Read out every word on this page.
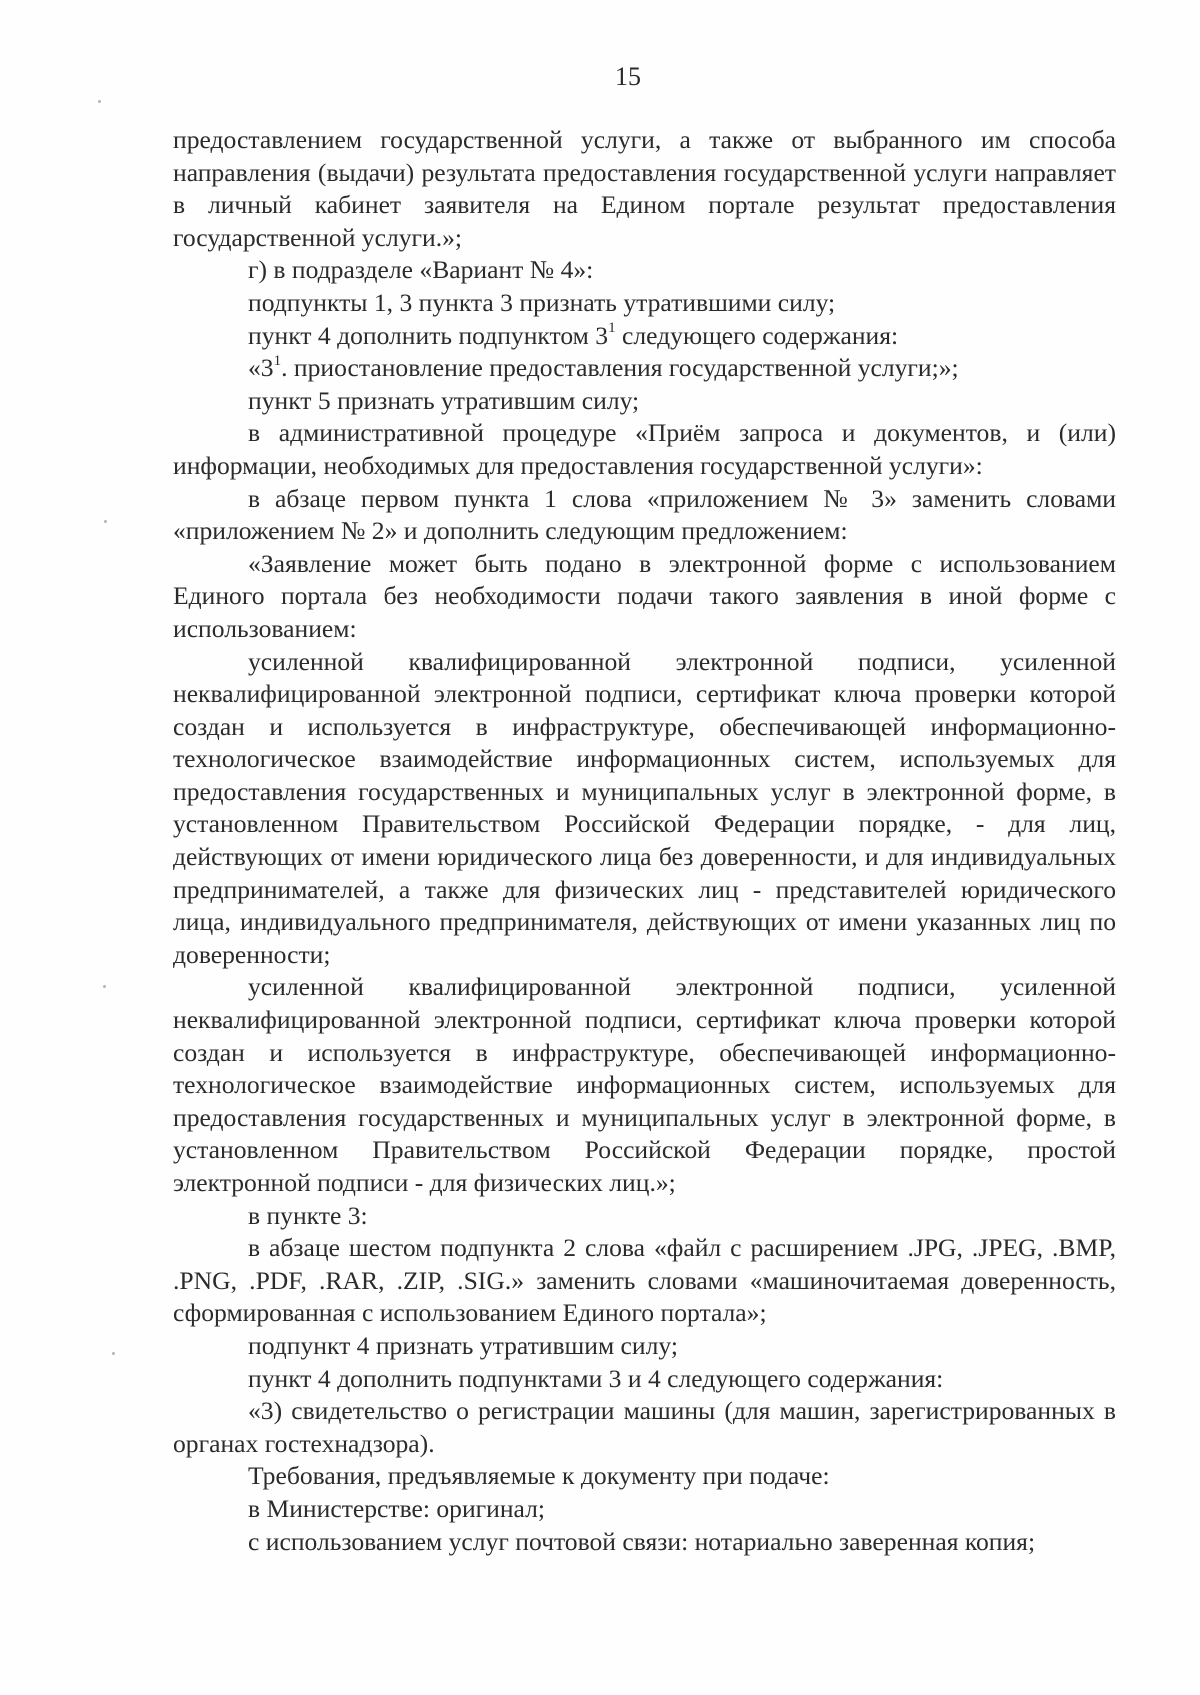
15

предоставлением государственной услуги, а также от выбранного им способа направления (выдачи) результата предоставления государственной услуги направляет в личный кабинет заявителя на Едином портале результат предоставления государственной услуги.»;

г) в подразделе «Вариант № 4»:

подпункты 1, 3 пункта 3 признать утратившими силу;

пункт 4 дополнить подпунктом $3^1$ следующего содержания:

«$3^1$. приостановление предоставления государственной услуги;»;

пункт 5 признать утратившим силу;

в административной процедуре «Приём запроса и документов, и (или) информации, необходимых для предоставления государственной услуги»:

в абзаце первом пункта 1 слова «приложением № 3» заменить словами «приложением № 2» и дополнить следующим предложением:

«Заявление может быть подано в электронной форме с использованием Единого портала без необходимости подачи такого заявления в иной форме с использованием:

усиленной квалифицированной электронной подписи, усиленной неквалифицированной электронной подписи, сертификат ключа проверки которой создан и используется в инфраструктуре, обеспечивающей информационно-технологическое взаимодействие информационных систем, используемых для предоставления государственных и муниципальных услуг в электронной форме, в установленном Правительством Российской Федерации порядке, - для лиц, действующих от имени юридического лица без доверенности, и для индивидуальных предпринимателей, а также для физических лиц - представителей юридического лица, индивидуального предпринимателя, действующих от имени указанных лиц по доверенности;

усиленной квалифицированной электронной подписи, усиленной неквалифицированной электронной подписи, сертификат ключа проверки которой создан и используется в инфраструктуре, обеспечивающей информационно-технологическое взаимодействие информационных систем, используемых для предоставления государственных и муниципальных услуг в электронной форме, в установленном Правительством Российской Федерации порядке, простой электронной подписи - для физических лиц.»;

в пункте 3:

в абзаце шестом подпункта 2 слова «файл с расширением .JPG, .JPEG, .BMP, .PNG, .PDF, .RAR, .ZIP, .SIG.» заменить словами «машиночитаемая доверенность, сформированная с использованием Единого портала»;

подпункт 4 признать утратившим силу;

пункт 4 дополнить подпунктами 3 и 4 следующего содержания:

«3) свидетельство о регистрации машины (для машин, зарегистрированных в органах гостехнадзора).

Требования, предъявляемые к документу при подаче:

в Министерстве: оригинал;

с использованием услуг почтовой связи: нотариально заверенная копия;
